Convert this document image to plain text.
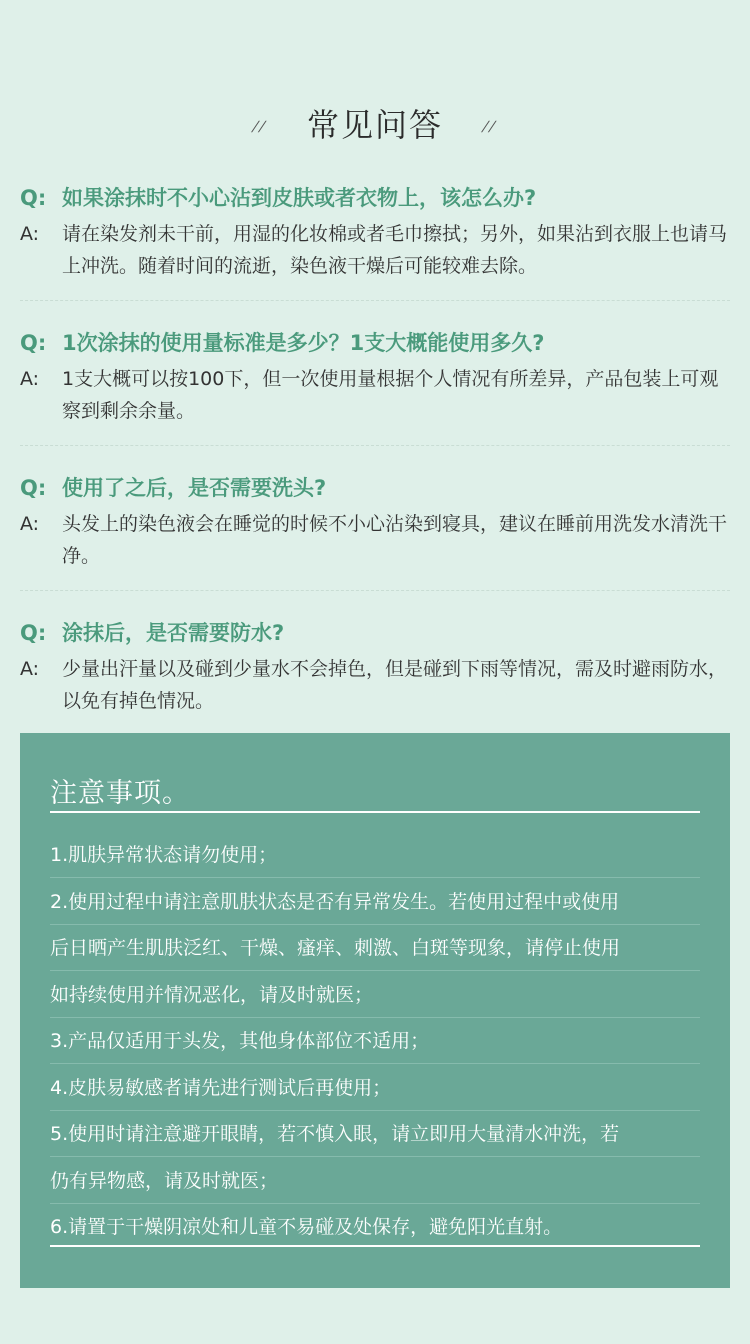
// 常见问答	//
Q: 如果涂抹时不小心沾到皮肤或者衣物上，该怎么办?
A:	请在染发剂未干前，用湿的化妆棉或者毛巾擦拭；另外，如果沾到衣服上也请马上冲洗。随着时间的流逝，染色液干燥后可能较难去除。
Q: 1次涂抹的使用量标准是多少？1支大概能使用多久?
A:	1支大概可以按100下，但一次使用量根据个人情况有所差异，产品包装上可观察到剩余余量。
Q: 使用了之后，是否需要洗头?
A:	头发上的染色液会在睡觉的时候不小心沾染到寝具，建议在睡前用洗发水清洗干净。
Q: 涂抹后，是否需要防水?
A:	少量出汗量以及碰到少量水不会掉色，但是碰到下雨等情况，需及时避雨防水，以免有掉色情况。
注意事项。
1.肌肤异常状态请勿使用；
2.使用过程中请注意肌肤状态是否有异常发生。若使用过程中或使用
后日晒产生肌肤泛红、干燥、瘙痒、刺激、白斑等现象，请停止使用
如持续使用并情况恶化，请及时就医；
3.产品仅适用于头发，其他身体部位不适用；
4.皮肤易敏感者请先进行测试后再使用；
5.使用时请注意避开眼睛，若不慎入眼，请立即用大量清水冲洗，若
仍有异物感，请及时就医；
6.请置于干燥阴凉处和儿童不易碰及处保存，避免阳光直射。
